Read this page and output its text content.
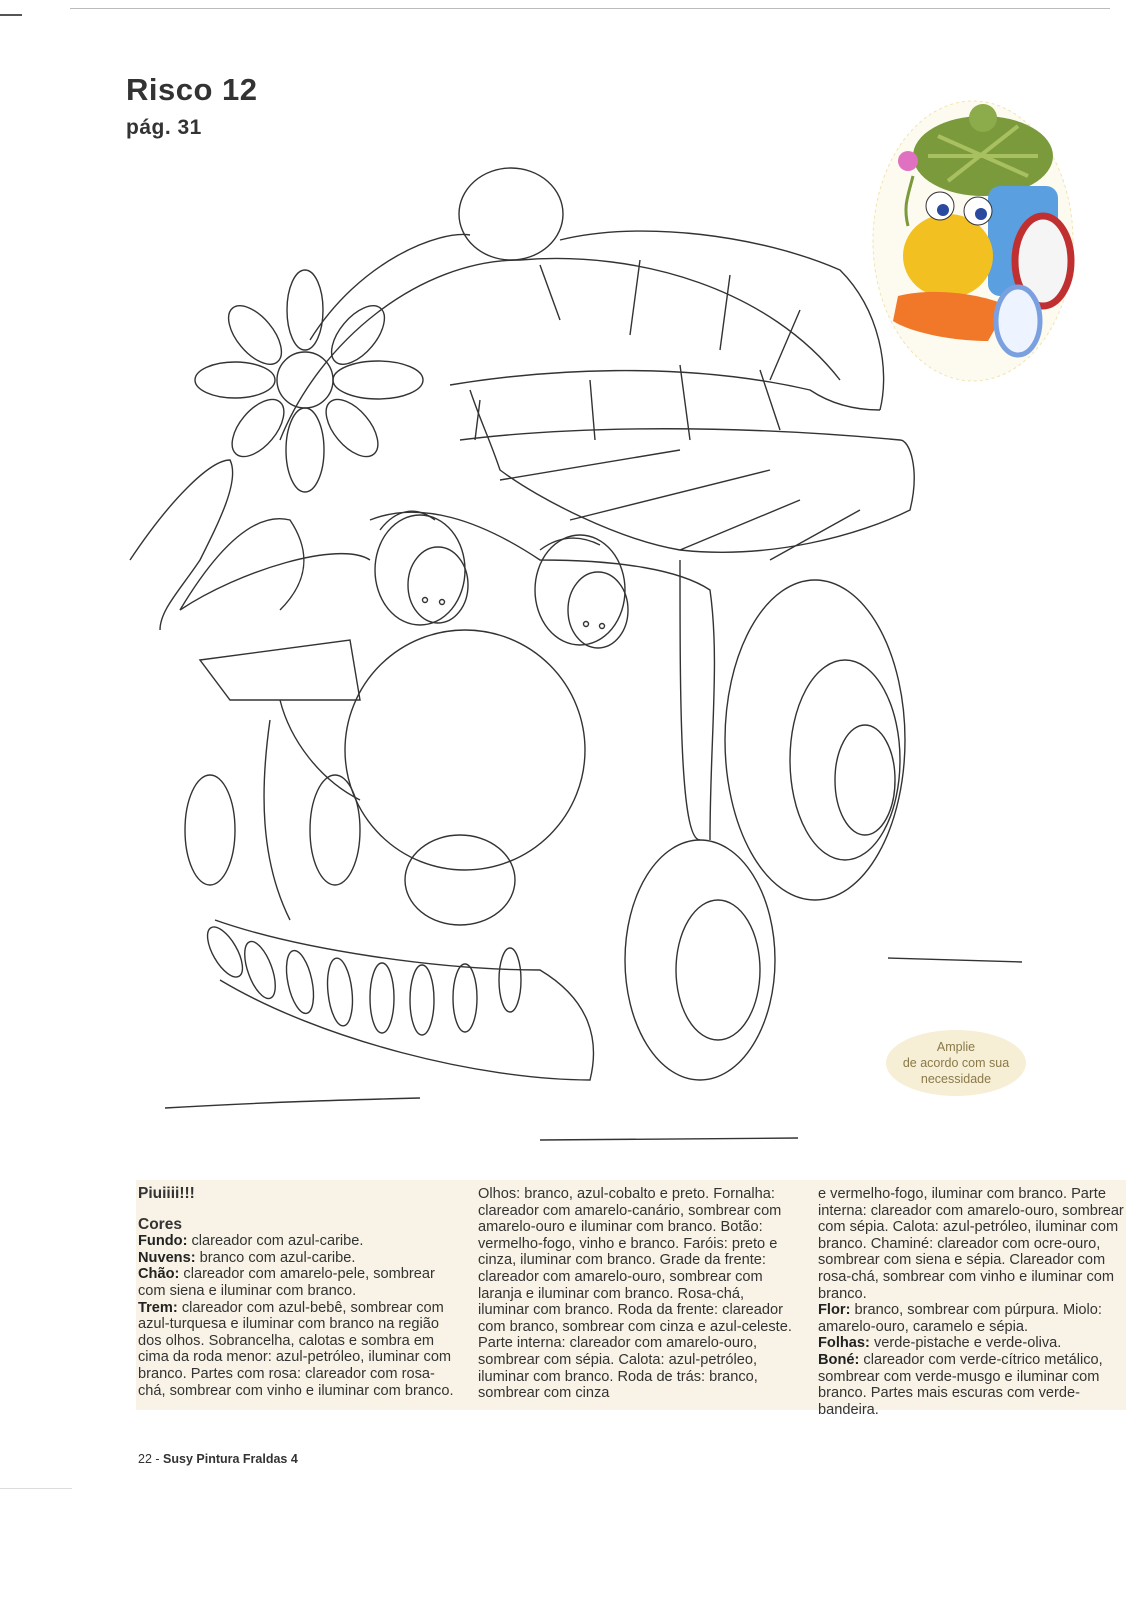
Risco 12
pág. 31
Amplie
de acordo com sua
necessidade

Piuiiii!!!

Cores

Fundo: clareador com azul-caribe.

Nuvens: branco com azul-caribe.

Chão: clareador com amarelo-pele, sombrear com siena e iluminar com branco.

Trem: clareador com azul-bebê, sombrear com azul-turquesa e iluminar com branco na região dos olhos. Sobrancelha, calotas e sombra em cima da roda menor: azul-petróleo, iluminar com branco. Partes com rosa: clareador com rosa-chá, sombrear com vinho e iluminar com branco.

Olhos: branco, azul-cobalto e preto. Fornalha: clareador com amarelo-canário, sombrear com amarelo-ouro e iluminar com branco. Botão: vermelho-fogo, vinho e branco. Faróis: preto e cinza, iluminar com branco. Grade da frente: clareador com amarelo-ouro, sombrear com laranja e iluminar com branco. Rosa-chá, iluminar com branco. Roda da frente: clareador com branco, sombrear com cinza e azul-celeste. Parte interna: clareador com amarelo-ouro, sombrear com sépia. Calota: azul-petróleo, iluminar com branco. Roda de trás: branco, sombrear com cinza

e vermelho-fogo, iluminar com branco. Parte interna: clareador com amarelo-ouro, sombrear com sépia. Calota: azul-petróleo, iluminar com branco. Chaminé: clareador com ocre-ouro, sombrear com siena e sépia. Clareador com rosa-chá, sombrear com vinho e iluminar com branco.

Flor: branco, sombrear com púrpura. Miolo: amarelo-ouro, caramelo e sépia.

Folhas: verde-pistache e verde-oliva.

Boné: clareador com verde-cítrico metálico, sombrear com verde-musgo e iluminar com branco. Partes mais escuras com verde-bandeira.

22 - Susy Pintura Fraldas 4
